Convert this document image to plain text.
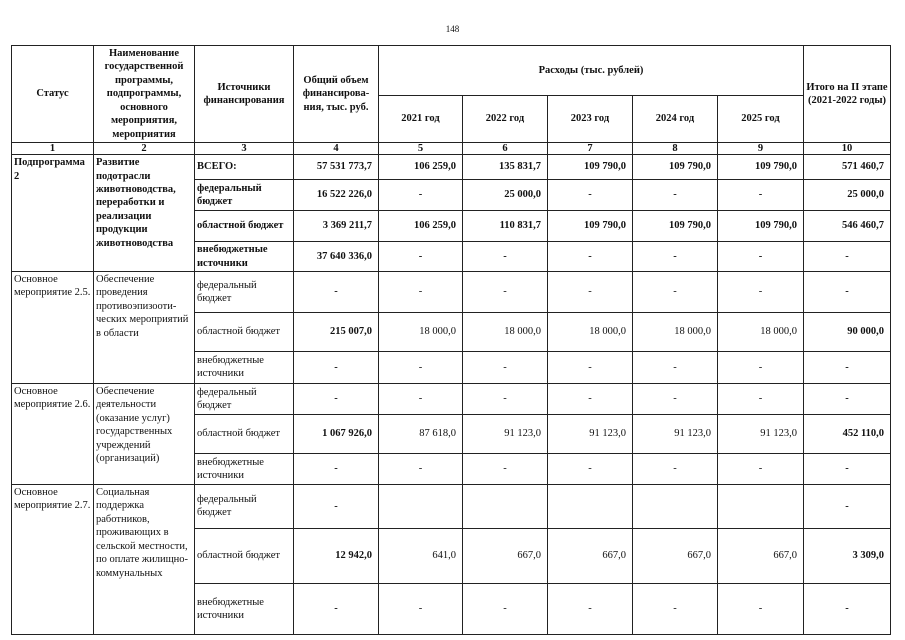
148
Статус	Наименование государственной программы, подпрограммы, основного мероприятия, мероприятия	Источники финансирования	Общий объем финансирова-ния, тыс. руб.	Расходы (тыс. рублей)					Итого на II этапе (2021-2022 годы)
				2021 год	2022 год	2023 год	2024 год	2025 год	
1	2	3	4	5	6	7	8	9	10
Подпрограмма 2	Развитие подотрасли животноводства, переработки и реализации продукции животноводства	ВСЕГО:	57 531 773,7	106 259,0	135 831,7	109 790,0	109 790,0	109 790,0	571 460,7
		федеральный бюджет	16 522 226,0	-	25 000,0	-	-	-	25 000,0
		областной бюджет	3 369 211,7	106 259,0	110 831,7	109 790,0	109 790,0	109 790,0	546 460,7
		внебюджетные источники	37 640 336,0	-	-	-	-	-	-
Основное мероприятие 2.5.	Обеспечение проведения противоэпизооти-ческих мероприятий в области	федеральный бюджет	-	-	-	-	-	-	-
		областной бюджет	215 007,0	18 000,0	18 000,0	18 000,0	18 000,0	18 000,0	90 000,0
		внебюджетные источники	-	-	-	-	-	-	-
Основное мероприятие 2.6.	Обеспечение деятельности (оказание услуг) государственных учреждений (организаций)	федеральный бюджет	-	-	-	-	-	-	-
		областной бюджет	1 067 926,0	87 618,0	91 123,0	91 123,0	91 123,0	91 123,0	452 110,0
		внебюджетные источники	-	-	-	-	-	-	-
Основное мероприятие 2.7.	Социальная поддержка работников, проживающих в сельской местности, по оплате жилищно-коммунальных	федеральный бюджет	-						-
		областной бюджет	12 942,0	641,0	667,0	667,0	667,0	667,0	3 309,0
		внебюджетные источники	-	-	-	-	-	-	-
